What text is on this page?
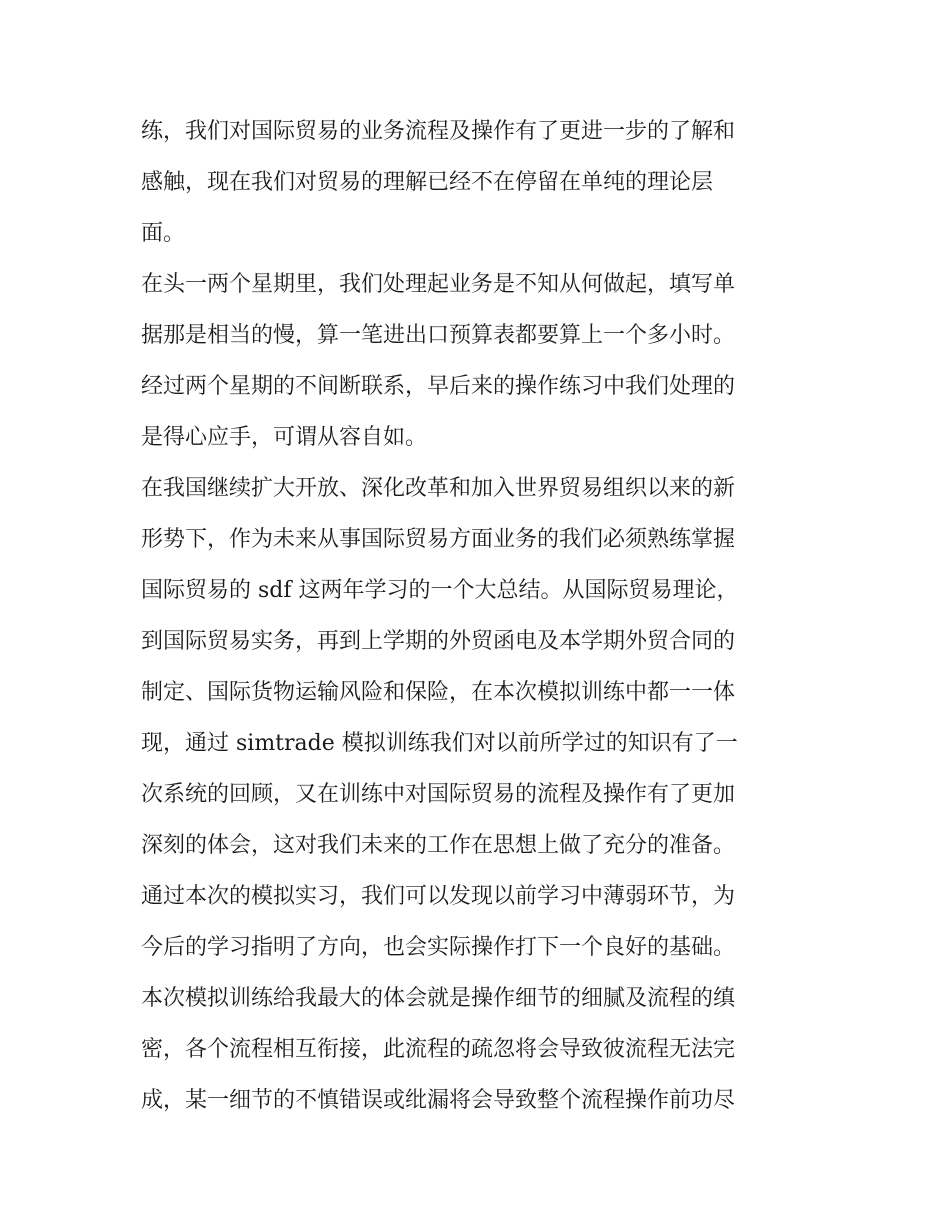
练，我们对国际贸易的业务流程及操作有了更进一步的了解和
感触，现在我们对贸易的理解已经不在停留在单纯的理论层
面。
在头一两个星期里，我们处理起业务是不知从何做起，填写单
据那是相当的慢，算一笔进出口预算表都要算上一个多小时。
经过两个星期的不间断联系，早后来的操作练习中我们处理的
是得心应手，可谓从容自如。
在我国继续扩大开放、深化改革和加入世界贸易组织以来的新
形势下，作为未来从事国际贸易方面业务的我们必须熟练掌握
国际贸易的 sdf 这两年学习的一个大总结。从国际贸易理论，
到国际贸易实务，再到上学期的外贸函电及本学期外贸合同的
制定、国际货物运输风险和保险，在本次模拟训练中都一一体
现，通过 simtrade 模拟训练我们对以前所学过的知识有了一
次系统的回顾，又在训练中对国际贸易的流程及操作有了更加
深刻的体会，这对我们未来的工作在思想上做了充分的准备。
通过本次的模拟实习，我们可以发现以前学习中薄弱环节，为
今后的学习指明了方向，也会实际操作打下一个良好的基础。
本次模拟训练给我最大的体会就是操作细节的细腻及流程的缜
密，各个流程相互衔接，此流程的疏忽将会导致彼流程无法完
成，某一细节的不慎错误或纰漏将会导致整个流程操作前功尽
